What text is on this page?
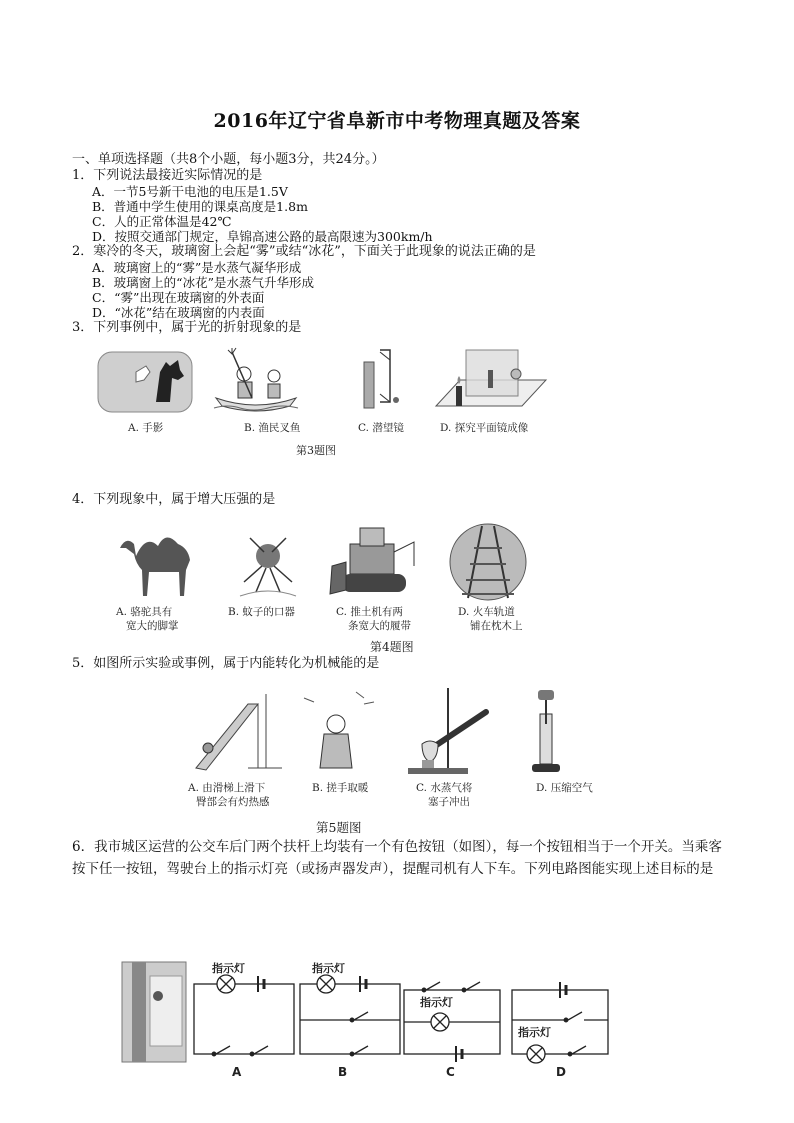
2016年辽宁省阜新市中考物理真题及答案
一、单项选择题（共8个小题，每小题3分，共24分。）
1．下列说法最接近实际情况的是
A．一节5号新干电池的电压是1.5V
B．普通中学生使用的课桌高度是1.8m
C．人的正常体温是42℃
D．按照交通部门规定，阜锦高速公路的最高限速为300km/h
2．寒冷的冬天，玻璃窗上会起“雾”或结“冰花”，下面关于此现象的说法正确的是
A．玻璃窗上的“雾”是水蒸气凝华形成
B．玻璃窗上的“冰花”是水蒸气升华形成
C．“雾”出现在玻璃窗的外表面
D．“冰花”结在玻璃窗的内表面
3．下列事例中，属于光的折射现象的是
A. 手影	B. 渔民叉鱼	C. 潜望镜	D. 探究平面镜成像
第3题图
4．下列现象中，属于增大压强的是
A. 骆驼具有
宽大的脚掌
B. 蚊子的口器	C. 推土机有两
条宽大的履带
D. 火车轨道
铺在枕木上
第4题图
5．如图所示实验或事例，属于内能转化为机械能的是
A. 由滑梯上滑下
臀部会有灼热感
B. 搓手取暖	C. 水蒸气将
塞子冲出
D. 压缩空气
第5题图
6．我市城区运营的公交车后门两个扶杆上均装有一个有色按钮（如图），每一个按钮相当于一个开关。当乘客按下任一按钮，驾驶台上的指示灯亮（或扬声器发声），提醒司机有人下车。下列电路图能实现上述目标的是
指示灯	指示灯
指示灯
指示灯
A	B	C	D
